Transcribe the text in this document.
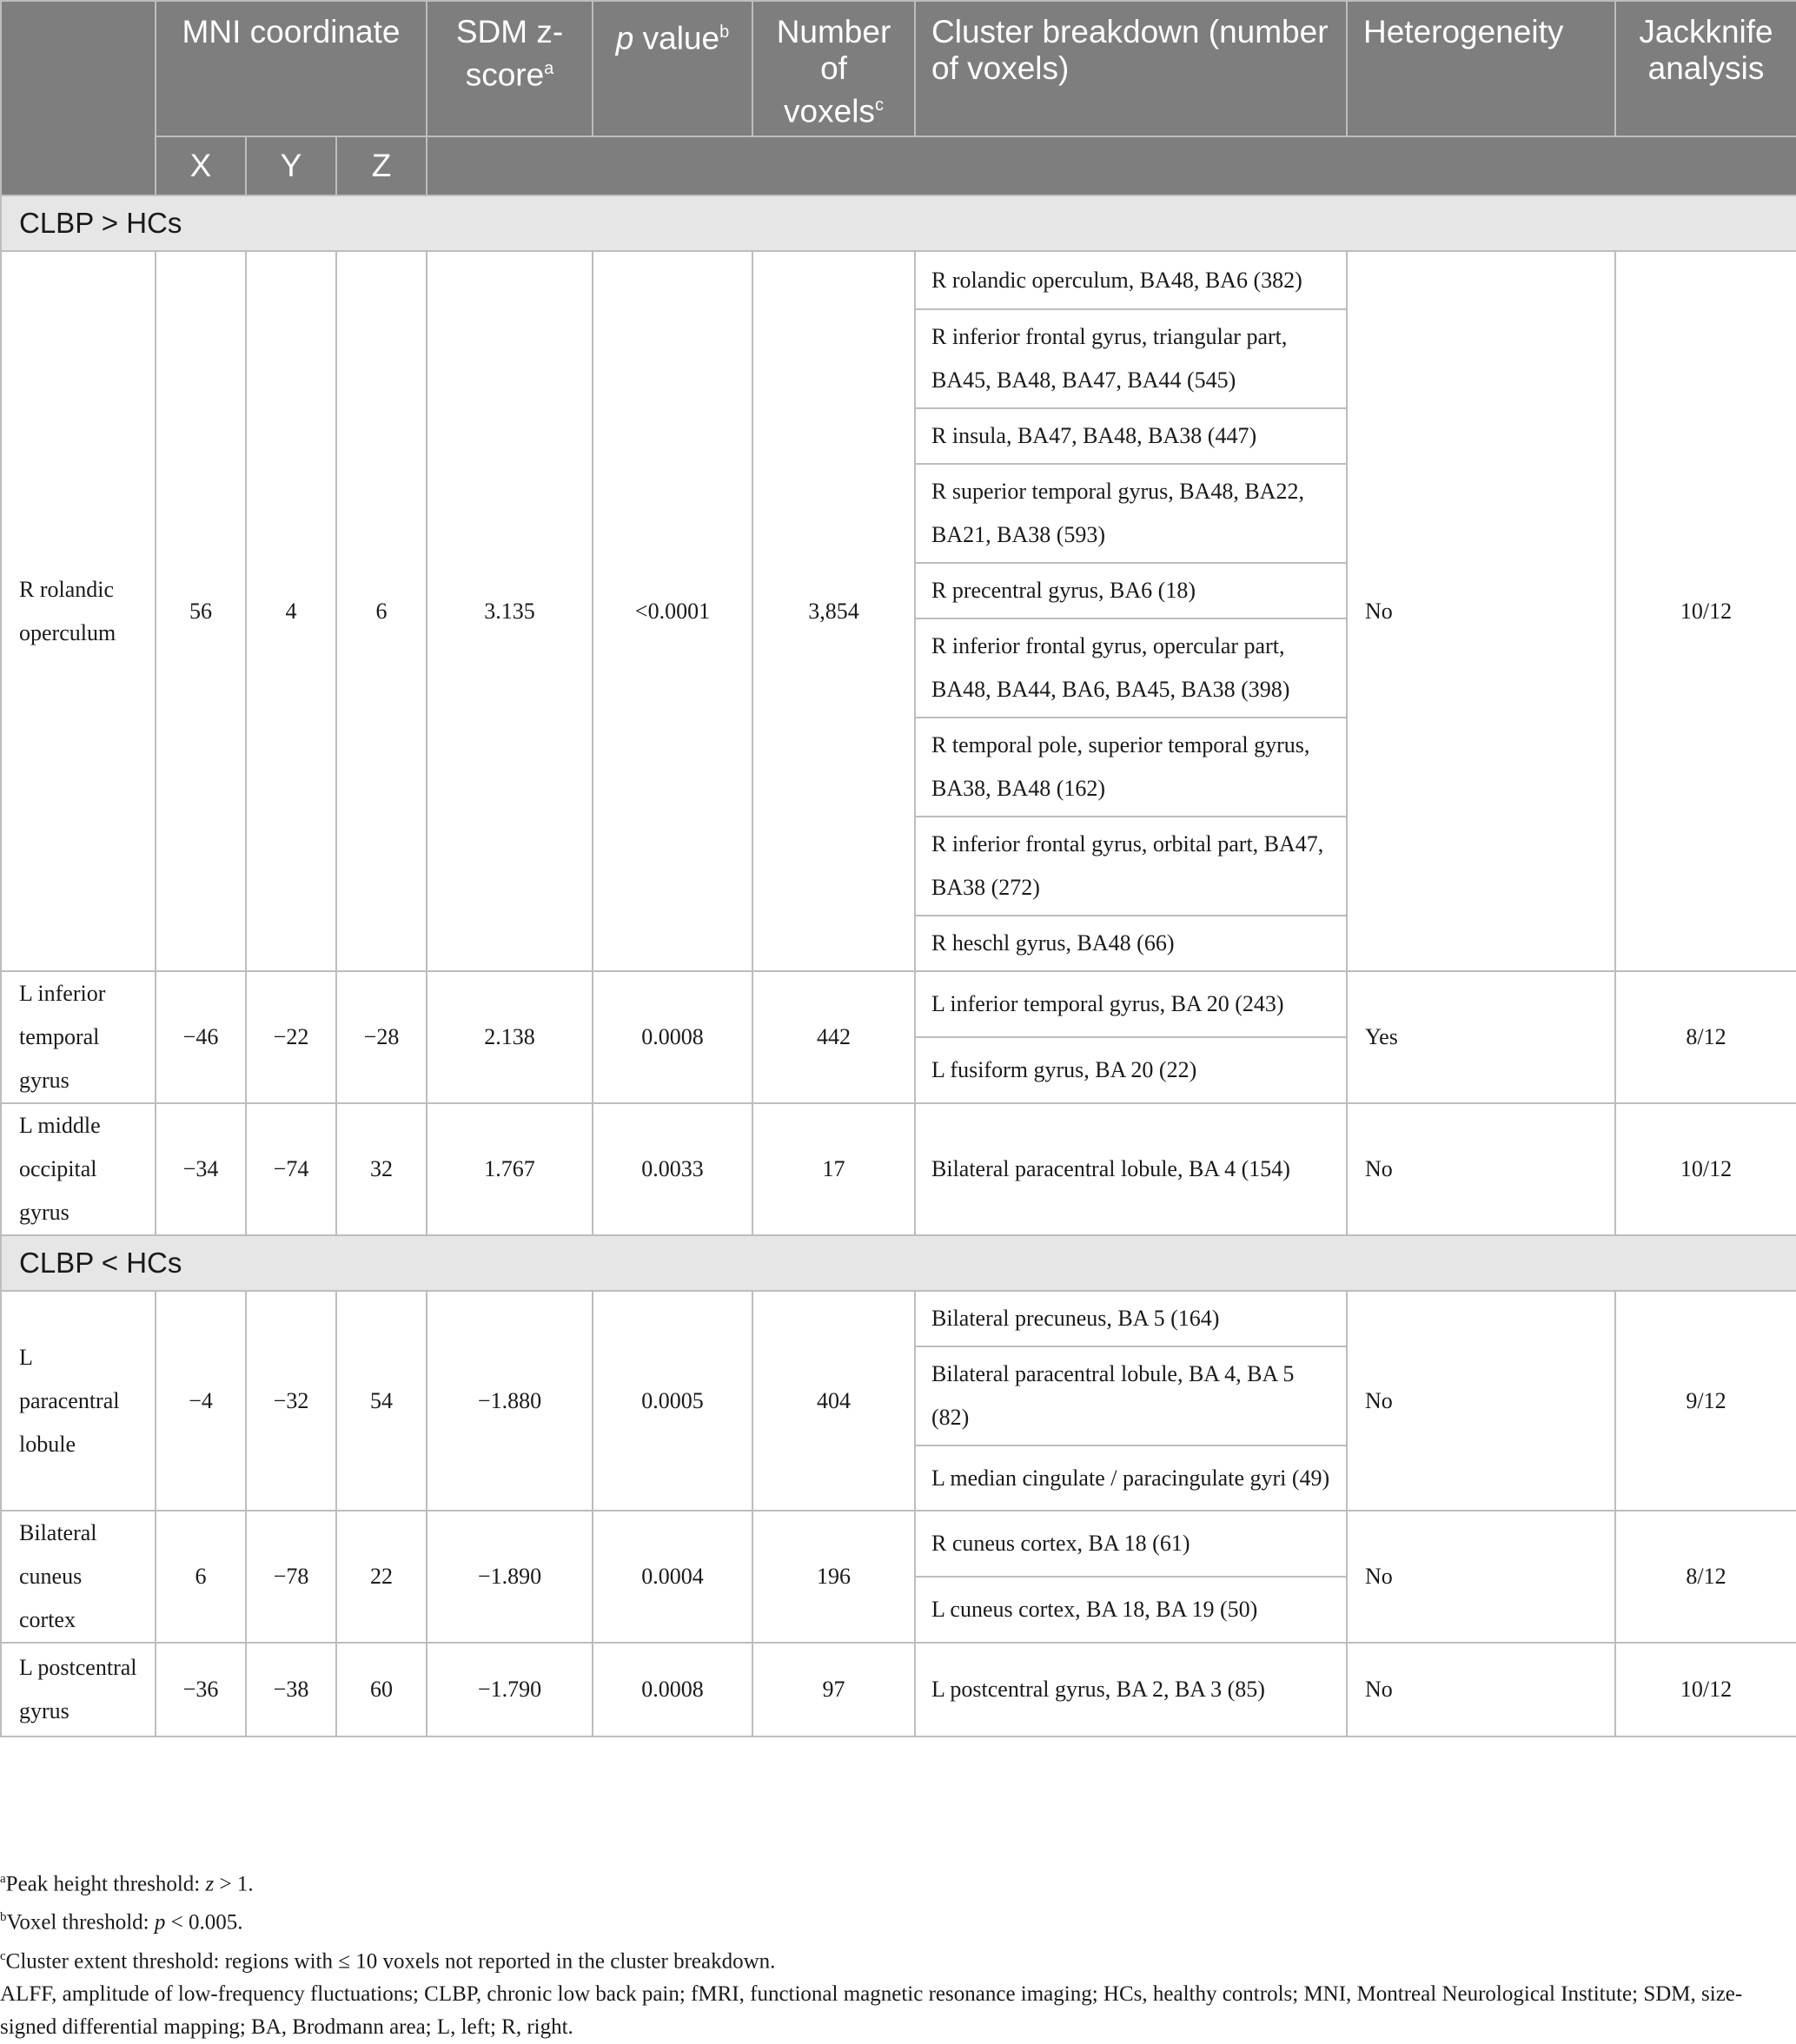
	MNI coordinate			SDM z-score$^a$	p value$^b$	Number of voxels$^c$	Cluster breakdown (number of voxels)	Heterogeneity	Jackknife analysis
	X	Y	Z						
CLBP > HCs									
R rolandic operculum	56	4	6	3.135	<0.0001	3,854	R rolandic operculum, BA48, BA6 (382)	No	10/12
							R inferior frontal gyrus, triangular part, BA45, BA48, BA47, BA44 (545)		
							R insula, BA47, BA48, BA38 (447)		
							R superior temporal gyrus, BA48, BA22, BA21, BA38 (593)		
							R precentral gyrus, BA6 (18)		
							R inferior frontal gyrus, opercular part, BA48, BA44, BA6, BA45, BA38 (398)		
							R temporal pole, superior temporal gyrus, BA38, BA48 (162)		
							R inferior frontal gyrus, orbital part, BA47, BA38 (272)		
							R heschl gyrus, BA48 (66)		
L inferior temporal gyrus	−46	−22	−28	2.138	0.0008	442	L inferior temporal gyrus, BA 20 (243)	Yes	8/12
							L fusiform gyrus, BA 20 (22)		
L middle occipital gyrus	−34	−74	32	1.767	0.0033	17	Bilateral paracentral lobule, BA 4 (154)	No	10/12
CLBP < HCs									
L paracentral lobule	−4	−32	54	−1.880	0.0005	404	Bilateral precuneus, BA 5 (164)	No	9/12
							Bilateral paracentral lobule, BA 4, BA 5 (82)		
							L median cingulate / paracingulate gyri (49)		
Bilateral cuneus cortex	6	−78	22	−1.890	0.0004	196	R cuneus cortex, BA 18 (61)	No	8/12
							L cuneus cortex, BA 18, BA 19 (50)		
L postcentral gyrus	−36	−38	60	−1.790	0.0008	97	L postcentral gyrus, BA 2, BA 3 (85)	No	10/12

$^a$Peak height threshold: z > 1.

$^b$Voxel threshold: p < 0.005.

$^c$Cluster extent threshold: regions with ≤ 10 voxels not reported in the cluster breakdown.

ALFF, amplitude of low-frequency fluctuations; CLBP, chronic low back pain; fMRI, functional magnetic resonance imaging; HCs, healthy controls; MNI, Montreal Neurological Institute; SDM, size-signed differential mapping; BA, Brodmann area; L, left; R, right.
